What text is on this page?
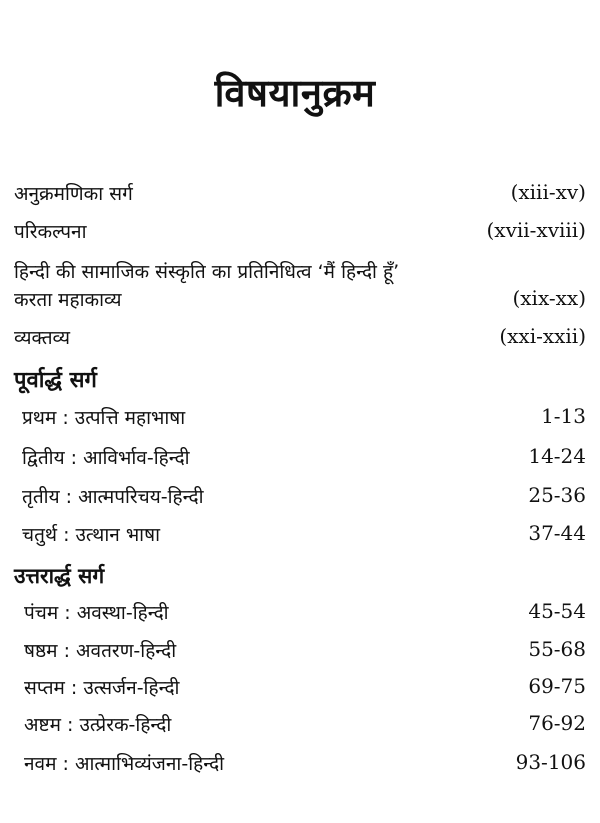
विषयानुक्रम
अनुक्रमणिका सर्ग	(xiii-xv)
परिकल्पना	(xvii-xviii)
हिन्दी की सामाजिक संस्कृति का प्रतिनिधित्व ‘मैं हिन्दी हूँ’
करता महाकाव्य	(xix-xx)
व्यक्तव्य	(xxi-xxii)
पूर्वार्द्ध सर्ग
प्रथम : उत्पत्ति महाभाषा	1-13
द्वितीय : आविर्भाव-हिन्दी	14-24
तृतीय : आत्मपरिचय-हिन्दी	25-36
चतुर्थ : उत्थान भाषा	37-44
उत्तरार्द्ध सर्ग
पंचम : अवस्था-हिन्दी	45-54
षष्ठम : अवतरण-हिन्दी	55-68
सप्तम : उत्सर्जन-हिन्दी	69-75
अष्टम : उत्प्रेरक-हिन्दी	76-92
नवम : आत्माभिव्यंजना-हिन्दी	93-106
